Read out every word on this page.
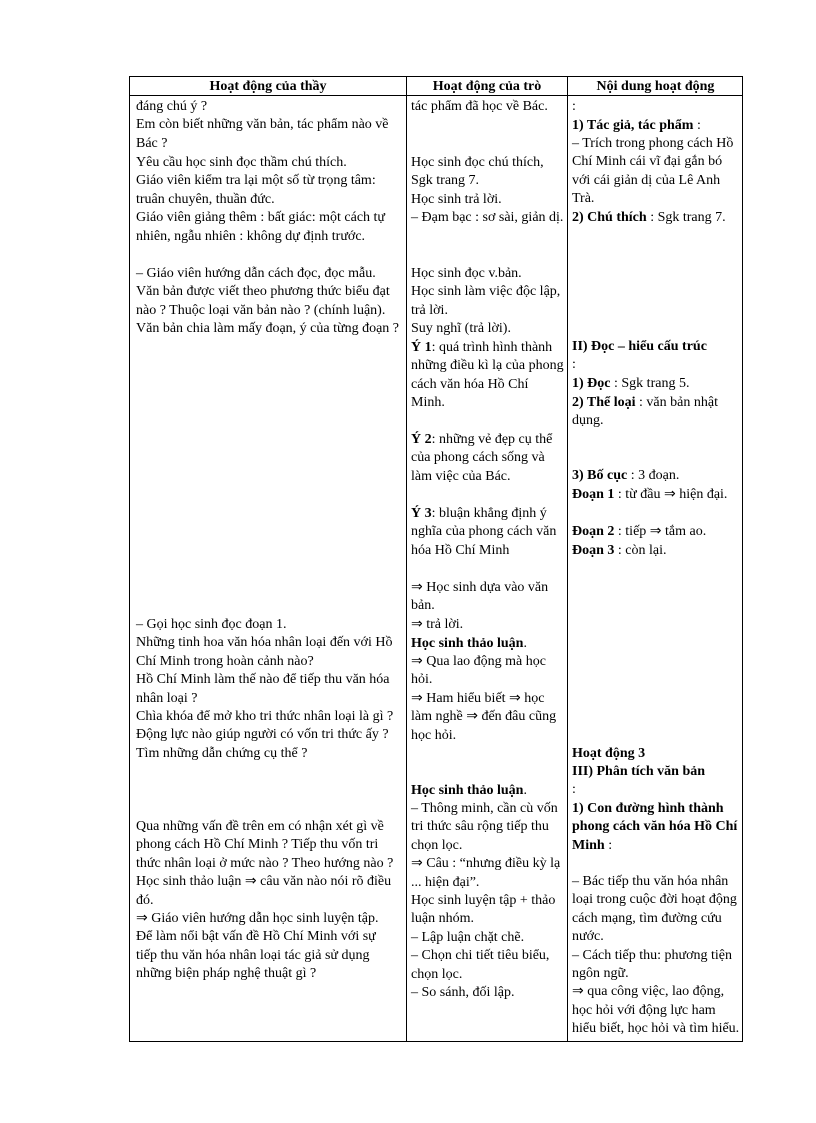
Hoạt động của thầy	Hoạt động của trò	Nội dung hoạt động

đáng chú ý ?
Em còn biết những văn bản, tác phẩm nào về Bác ?

Yêu cầu học sinh đọc thầm chú thích.
Giáo viên kiểm tra lại một số từ trọng tâm: truân chuyên, thuần đức.
Giáo viên giảng thêm : bất giác: một cách tự nhiên, ngẫu nhiên : không dự định trước.

– Giáo viên hướng dẫn cách đọc, đọc mẫu.
Văn bản được viết theo phương thức biểu đạt nào ? Thuộc loại văn bản nào ? (chính luận).
Văn bản chia làm mấy đoạn, ý của từng đoạn ?

– Gọi học sinh đọc đoạn 1.
Những tinh hoa văn hóa nhân loại đến với Hồ Chí Minh trong hoàn cảnh nào?
Hồ Chí Minh làm thế nào để tiếp thu văn hóa nhân loại ?
Chìa khóa để mở kho tri thức nhân loại là gì ?
Động lực nào giúp người có vốn tri thức ấy ? Tìm những dẫn chứng cụ thể ?

Qua những vấn đề trên em có nhận xét gì về phong cách Hồ Chí Minh ? Tiếp thu vốn tri thức nhân loại ở mức nào ? Theo hướng nào ?
Học sinh thảo luận ⇒ câu văn nào nói rõ điều đó.
⇒ Giáo viên hướng dẫn học sinh luyện tập.
Để làm nổi bật vấn đề Hồ Chí Minh với sự tiếp thu văn hóa nhân loại tác giả sử dụng những biện pháp nghệ thuật gì ?

tác phẩm đã học về Bác.

Học sinh đọc chú thích, Sgk trang 7.
Học sinh trả lời.
– Đạm bạc : sơ sài, giản dị.

Học sinh đọc v.bản.
Học sinh làm việc độc lập, trả lời.
Suy nghĩ (trả lời).

Ý 1: quá trình hình thành những điều kì lạ của phong cách văn hóa Hồ Chí Minh.

Ý 2: những vẻ đẹp cụ thể của phong cách sống và làm việc của Bác.

Ý 3: bluận khẳng định ý nghĩa của phong cách văn hóa Hồ Chí Minh

⇒ Học sinh dựa vào văn bản.
⇒ trả lời.

Học sinh thảo luận.

⇒ Qua lao động mà học hỏi.
⇒ Ham hiểu biết ⇒ học làm nghề ⇒ đến đâu cũng học hỏi.

Học sinh thảo luận.

– Thông minh, cần cù vốn tri thức sâu rộng tiếp thu chọn lọc.
⇒ Câu : “nhưng điều kỳ lạ ... hiện đại”.
Học sinh luyện tập + thảo luận nhóm.
– Lập luận chặt chẽ.
– Chọn chi tiết tiêu biểu, chọn lọc.
– So sánh, đối lập.

:

1) Tác giả, tác phẩm :

– Trích trong phong cách Hồ Chí Minh cái vĩ đại gắn bó với cái giản dị của Lê Anh Trà.

2) Chú thích : Sgk trang 7.

II) Đọc – hiểu cấu trúc
:

1) Đọc : Sgk trang 5.

2) Thể loại : văn bản nhật dụng.

3) Bố cục : 3 đoạn.

Đoạn 1 : từ đầu ⇒ hiện đại.

Đoạn 2 : tiếp ⇒ tắm ao.

Đoạn 3 : còn lại.

Hoạt động 3

III) Phân tích văn bản
:

1) Con đường hình thành phong cách văn hóa Hồ Chí Minh :

– Bác tiếp thu văn hóa nhân loại trong cuộc đời hoạt động cách mạng, tìm đường cứu nước.
– Cách tiếp thu: phương tiện ngôn ngữ.
⇒ qua công việc, lao động, học hỏi với động lực ham hiểu biết, học hỏi và tìm hiểu.
